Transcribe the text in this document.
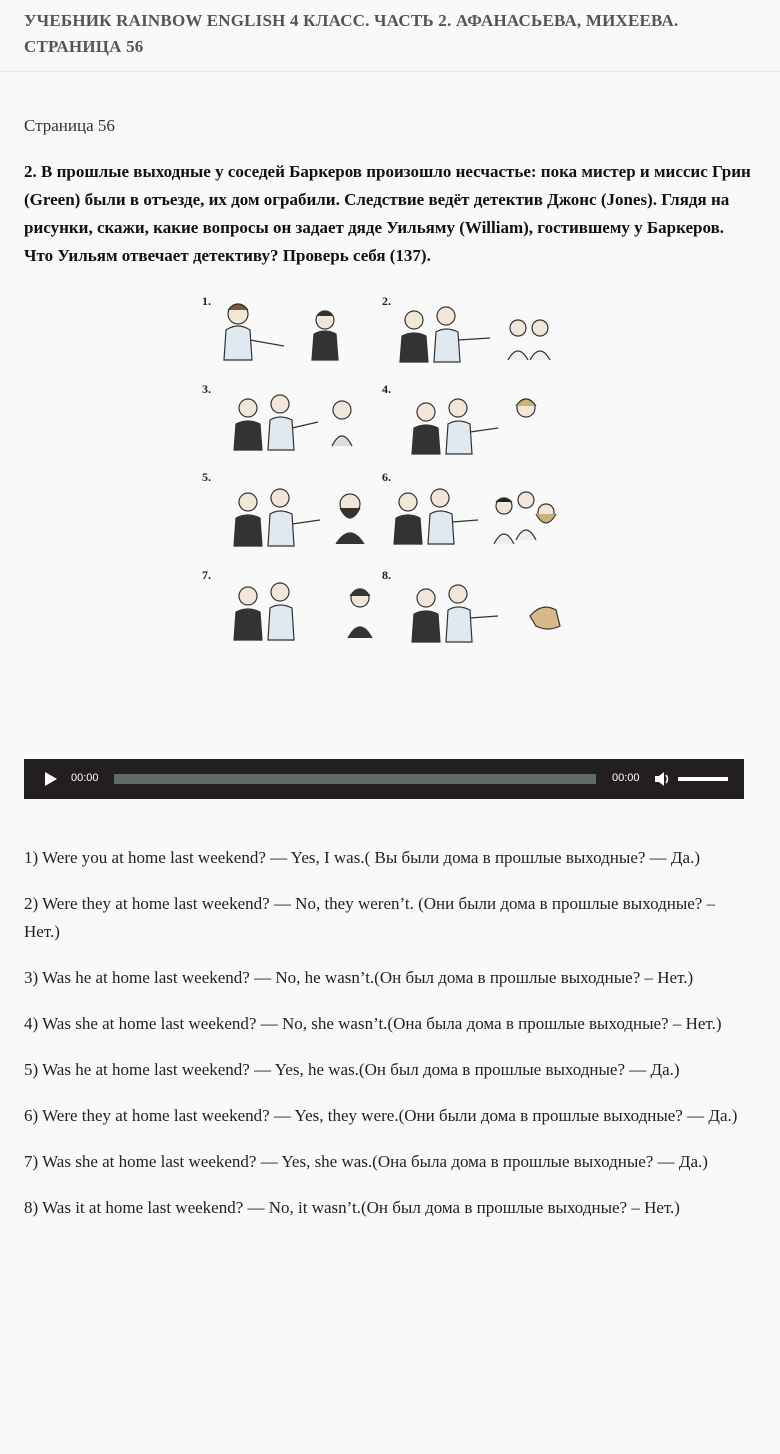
УЧЕБНИК RAINBOW ENGLISH 4 КЛАСС. ЧАСТЬ 2. АФАНАСЬЕВА, МИХЕЕВА. СТРАНИЦА 56

Страница 56

2. В прошлые выходные у соседей Баркеров произошло несчастье: пока мистер и миссис Грин (Green) были в отъезде, их дом ограбили. Следствие ведёт детектив Джонс (Jones). Глядя на рисунки, скажи, какие вопросы он задает дяде Уильяму (William), гостившему у Баркеров. Что Уильям отвечает детективу? Проверь себя (137).

1.	2.
3.	4.
5.	6.
7.	8.
00:00	00:00

1) Were you at home last weekend? — Yes, I was.( Вы были дома в прошлые выходные? — Да.)

2) Were they at home last weekend? — No, they weren’t. (Они были дома в прошлые выходные? – Нет.)

3) Was he at home last weekend? — No, he wasn’t.(Он был дома в прошлые выходные? – Нет.)

4) Was she at home last weekend? — No, she wasn’t.(Она была дома в прошлые выходные? – Нет.)

5) Was he at home last weekend? — Yes, he was.(Он был дома в прошлые выходные? — Да.)

6) Were they at home last weekend? — Yes, they were.(Они были дома в прошлые выходные? — Да.)

7) Was she at home last weekend? — Yes, she was.(Она была дома в прошлые выходные? — Да.)

8) Was it at home last weekend? — No, it wasn’t.(Он был дома в прошлые выходные? – Нет.)
